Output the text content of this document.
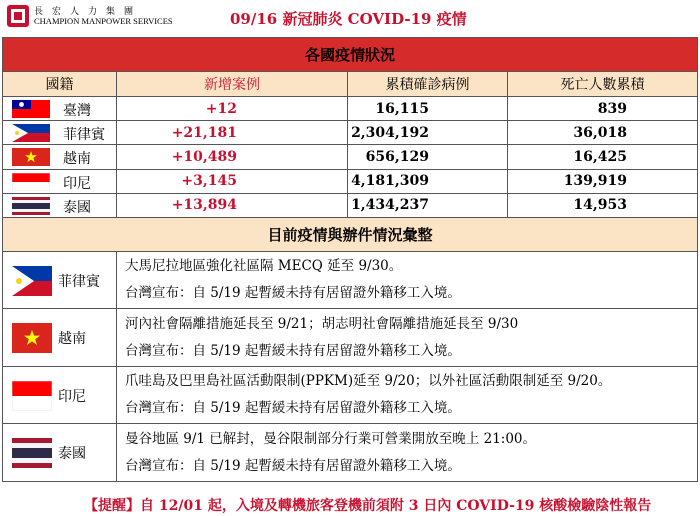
長宏人力集團
CHAMPION MANPOWER SERVICES	09/16 新冠肺炎 COVID-19 疫情
各國疫情狀況			
國籍	新增案例	累積確診病例	死亡人數累積

臺灣	+12	16,115	839

菲律賓	+21,181	2,304,192	36,018

越南	+10,489	656,129	16,425

印尼	+3,145	4,181,309	139,919

泰國	+13,894	1,434,237	14,953
目前疫情與辦件情況彙整			

菲律賓	大馬尼拉地區強化社區隔 MECQ 延至 9/30。
台灣宣布：自 5/19 起暫緩未持有居留證外籍移工入境。		

越南	河內社會隔離措施延長至 9/21；胡志明社會隔離措施延長至 9/30
台灣宣布：自 5/19 起暫緩未持有居留證外籍移工入境。		

印尼	爪哇島及巴里島社區活動限制(PPKM)延至 9/20；以外社區活動限制延至 9/20。
台灣宣布：自 5/19 起暫緩未持有居留證外籍移工入境。		

泰國	曼谷地區 9/1 已解封，曼谷限制部分行業可營業開放至晚上 21:00。
台灣宣布：自 5/19 起暫緩未持有居留證外籍移工入境。		
【提醒】自 12/01 起，入境及轉機旅客登機前須附 3 日內 COVID-19 核酸檢驗陰性報告
